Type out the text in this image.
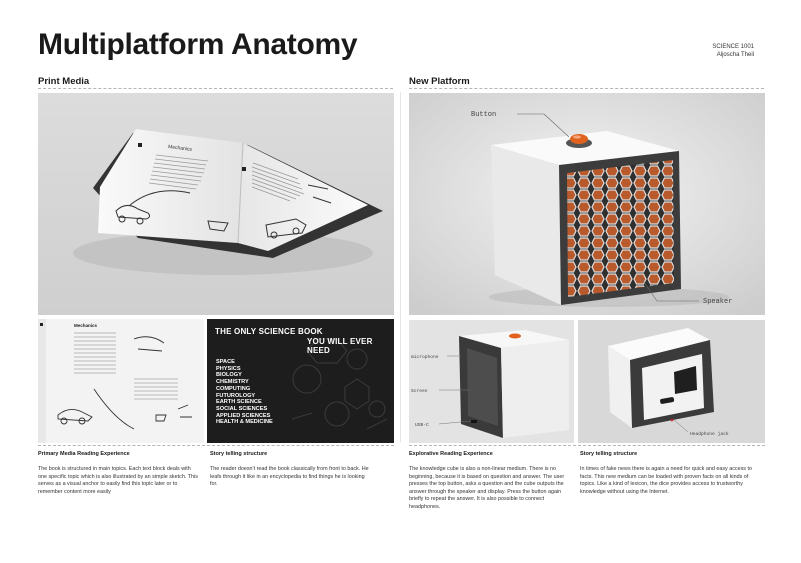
Multiplatform Anatomy	SCIENCE 1001
Aljoscha Theil
Print Media	New Platform
Mechanics
Mechanics
THE ONLY SCIENCE BOOK
YOU WILL EVER NEED
SPACE
PHYSICS
BIOLOGY
CHEMISTRY
COMPUTING
FUTUROLOGY
EARTH SCIENCE
SOCIAL SCIENCES
APPLIED SCIENCES
HEALTH & MEDICINE
Button
Speaker
microphone
Screen
USB-C
Headphone jack
Primary Media Reading Experience
The book is structured in main topics. Each text block deals with one specific topic which is also illustrated by an simple sketch. This serves as a visual anchor to easily find this topic later or to remember content more easily
Story telling structure
The reader doesn't read the book classically from front to back. He leafs through it like in an encyclopedia to find things he is looking for.
Explorative Reading Experience
The knowledge cube is also a non-linear medium. There is no beginning, because it is based on question and answer. The user presses the top button, asks a question and the cube outputs the answer through the speaker and display. Press the button again briefly to repeat the answer. It is also possible to connect headphones.
Story telling structure
In times of fake news there is again a need for quick and easy access to facts. This new medium can be loaded with proven facts on all kinds of topics. Like a kind of lexicon, the dice provides access to trustworthy knowledge without using the Internet.
